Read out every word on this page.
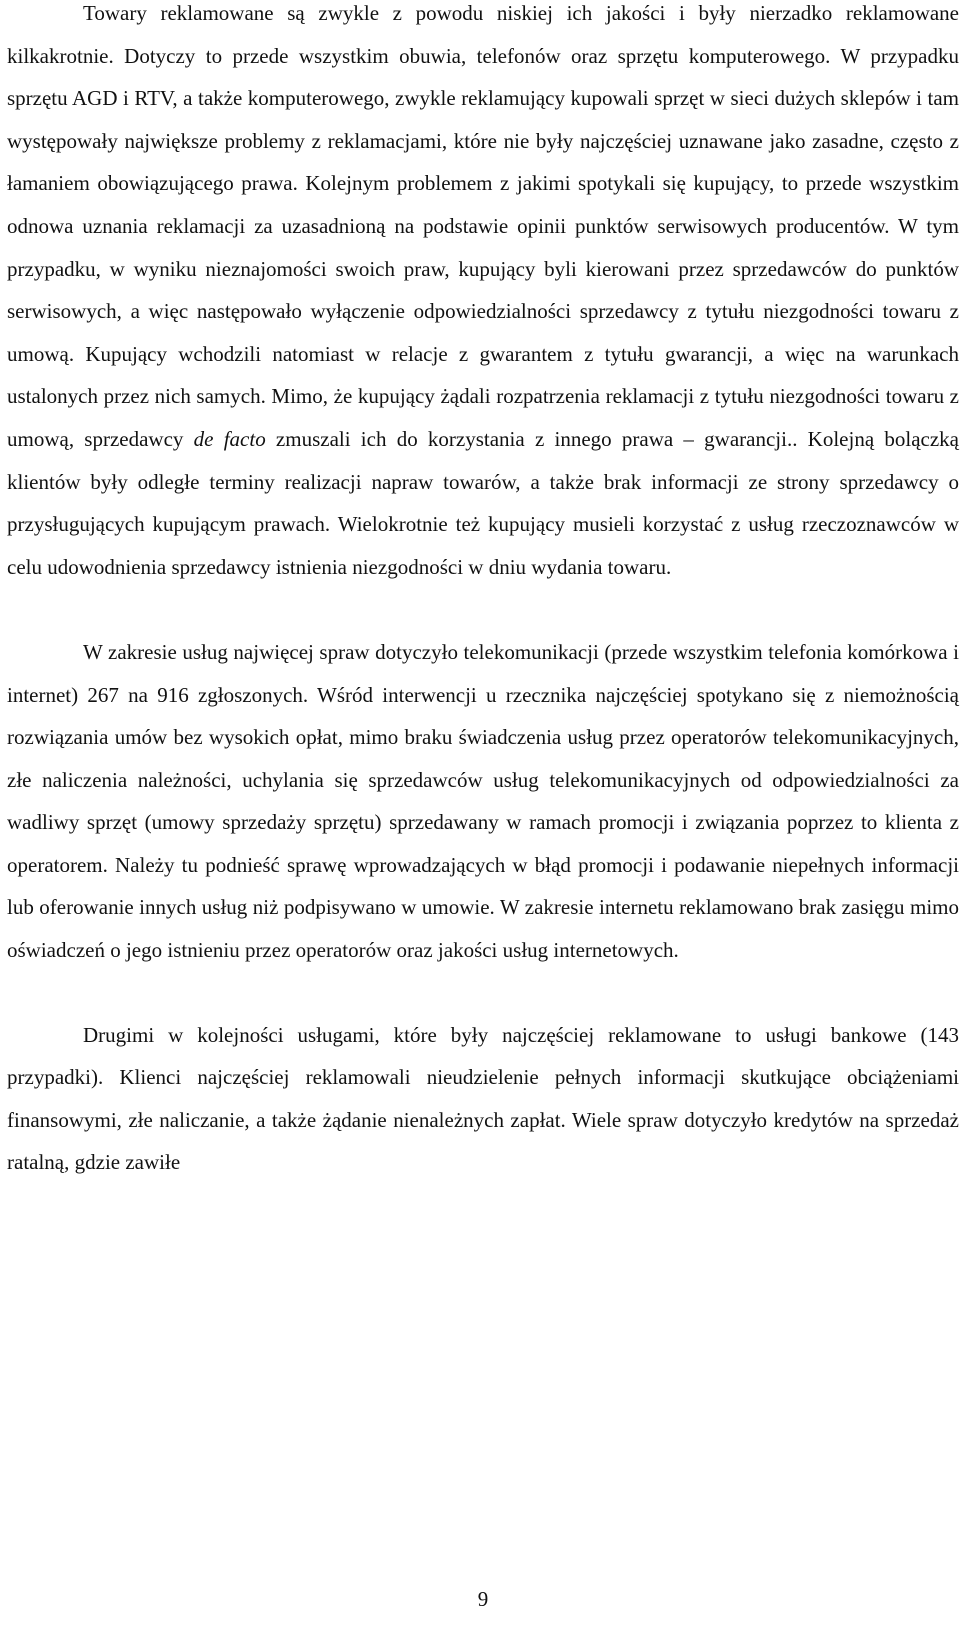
Towary reklamowane są zwykle z powodu niskiej ich jakości i były nierzadko reklamowane kilkakrotnie. Dotyczy to przede wszystkim obuwia, telefonów oraz sprzętu komputerowego. W przypadku sprzętu AGD i RTV, a także komputerowego, zwykle reklamujący kupowali sprzęt w sieci dużych sklepów i tam występowały największe problemy z reklamacjami, które nie były najczęściej uznawane jako zasadne, często z łamaniem obowiązującego prawa. Kolejnym problemem z jakimi spotykali się kupujący, to przede wszystkim odnowa uznania reklamacji za uzasadnioną na podstawie opinii punktów serwisowych producentów. W tym przypadku, w wyniku nieznajomości swoich praw, kupujący byli kierowani przez sprzedawców do punktów serwisowych, a więc następowało wyłączenie odpowiedzialności sprzedawcy z tytułu niezgodności towaru z umową. Kupujący wchodzili natomiast w relacje z gwarantem z tytułu gwarancji, a więc na warunkach ustalonych przez nich samych. Mimo, że kupujący żądali rozpatrzenia reklamacji z tytułu niezgodności towaru z umową, sprzedawcy de facto zmuszali ich do korzystania z innego prawa – gwarancji.. Kolejną bolączką klientów były odległe terminy realizacji napraw towarów, a także brak informacji ze strony sprzedawcy o przysługujących kupującym prawach. Wielokrotnie też kupujący musieli korzystać z usług rzeczoznawców w celu udowodnienia sprzedawcy istnienia niezgodności w dniu wydania towaru.

W zakresie usług najwięcej spraw dotyczyło telekomunikacji (przede wszystkim telefonia komórkowa i internet) 267 na 916 zgłoszonych. Wśród interwencji u rzecznika najczęściej spotykano się z niemożnością rozwiązania umów bez wysokich opłat, mimo braku świadczenia usług przez operatorów telekomunikacyjnych, złe naliczenia należności, uchylania się sprzedawców usług telekomunikacyjnych od odpowiedzialności za wadliwy sprzęt (umowy sprzedaży sprzętu) sprzedawany w ramach promocji i związania poprzez to klienta z operatorem. Należy tu podnieść sprawę wprowadzających w błąd promocji i podawanie niepełnych informacji lub oferowanie innych usług niż podpisywano w umowie. W zakresie internetu reklamowano brak zasięgu mimo oświadczeń o jego istnieniu przez operatorów oraz jakości usług internetowych.

Drugimi w kolejności usługami, które były najczęściej reklamowane to usługi bankowe (143 przypadki). Klienci najczęściej reklamowali nieudzielenie pełnych informacji skutkujące obciążeniami finansowymi, złe naliczanie, a także żądanie nienależnych zapłat. Wiele spraw dotyczyło kredytów na sprzedaż ratalną, gdzie zawiłe

9
